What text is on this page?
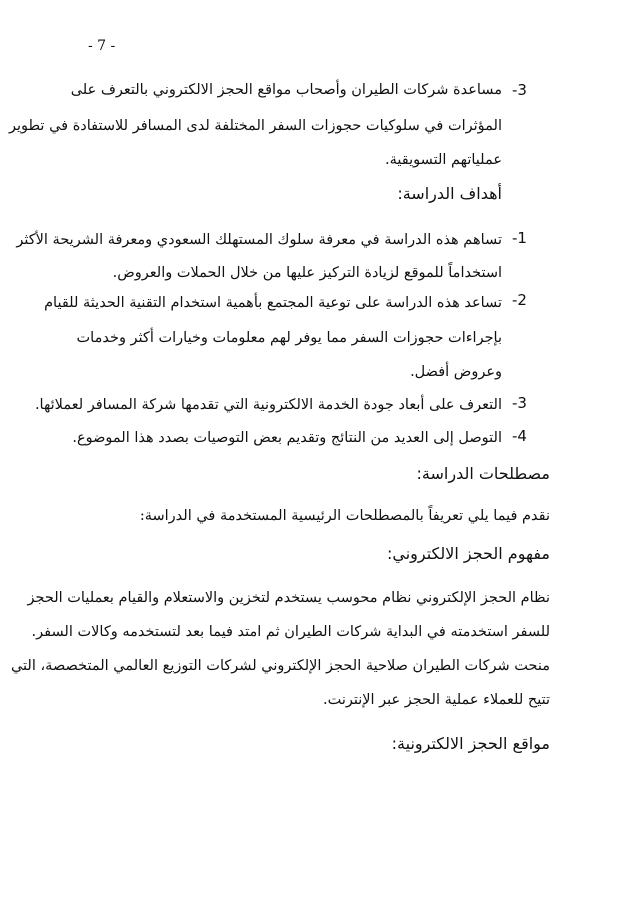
- 7 -
-3
مساعدة شركات الطيران وأصحاب مواقع الحجز الالكتروني بالتعرف على
المؤثرات في سلوكيات حجوزات السفر المختلفة لدى المسافر للاستفادة في تطوير
عملياتهم التسويقية.
أهداف الدراسة:
-1
تساهم هذه الدراسة في معرفة سلوك المستهلك السعودي ومعرفة الشريحة الأكثر
استخداماً للموقع لزيادة التركيز عليها من خلال الحملات والعروض.
-2
تساعد هذه الدراسة على توعية المجتمع بأهمية استخدام التقنية الحديثة للقيام
بإجراءات حجوزات السفر مما يوفر لهم معلومات وخيارات أكثر وخدمات
وعروض أفضل.
-3
التعرف على أبعاد جودة الخدمة الالكترونية التي تقدمها شركة المسافر لعملائها.
-4
التوصل إلى العديد من النتائج وتقديم بعض التوصيات بصدد هذا الموضوع.
مصطلحات الدراسة:
نقدم فيما يلي تعريفاً بالمصطلحات الرئيسية المستخدمة في الدراسة:
مفهوم الحجز الالكتروني:
نظام الحجز الإلكتروني نظام محوسب يستخدم لتخزين والاستعلام والقيام بعمليات الحجز
للسفر استخدمته في البداية شركات الطيران ثم امتد فيما بعد لتستخدمه وكالات السفر.
منحت شركات الطيران صلاحية الحجز الإلكتروني لشركات التوزيع العالمي المتخصصة، التي
تتيح للعملاء عملية الحجز عبر الإنترنت.
مواقع الحجز الالكترونية:
